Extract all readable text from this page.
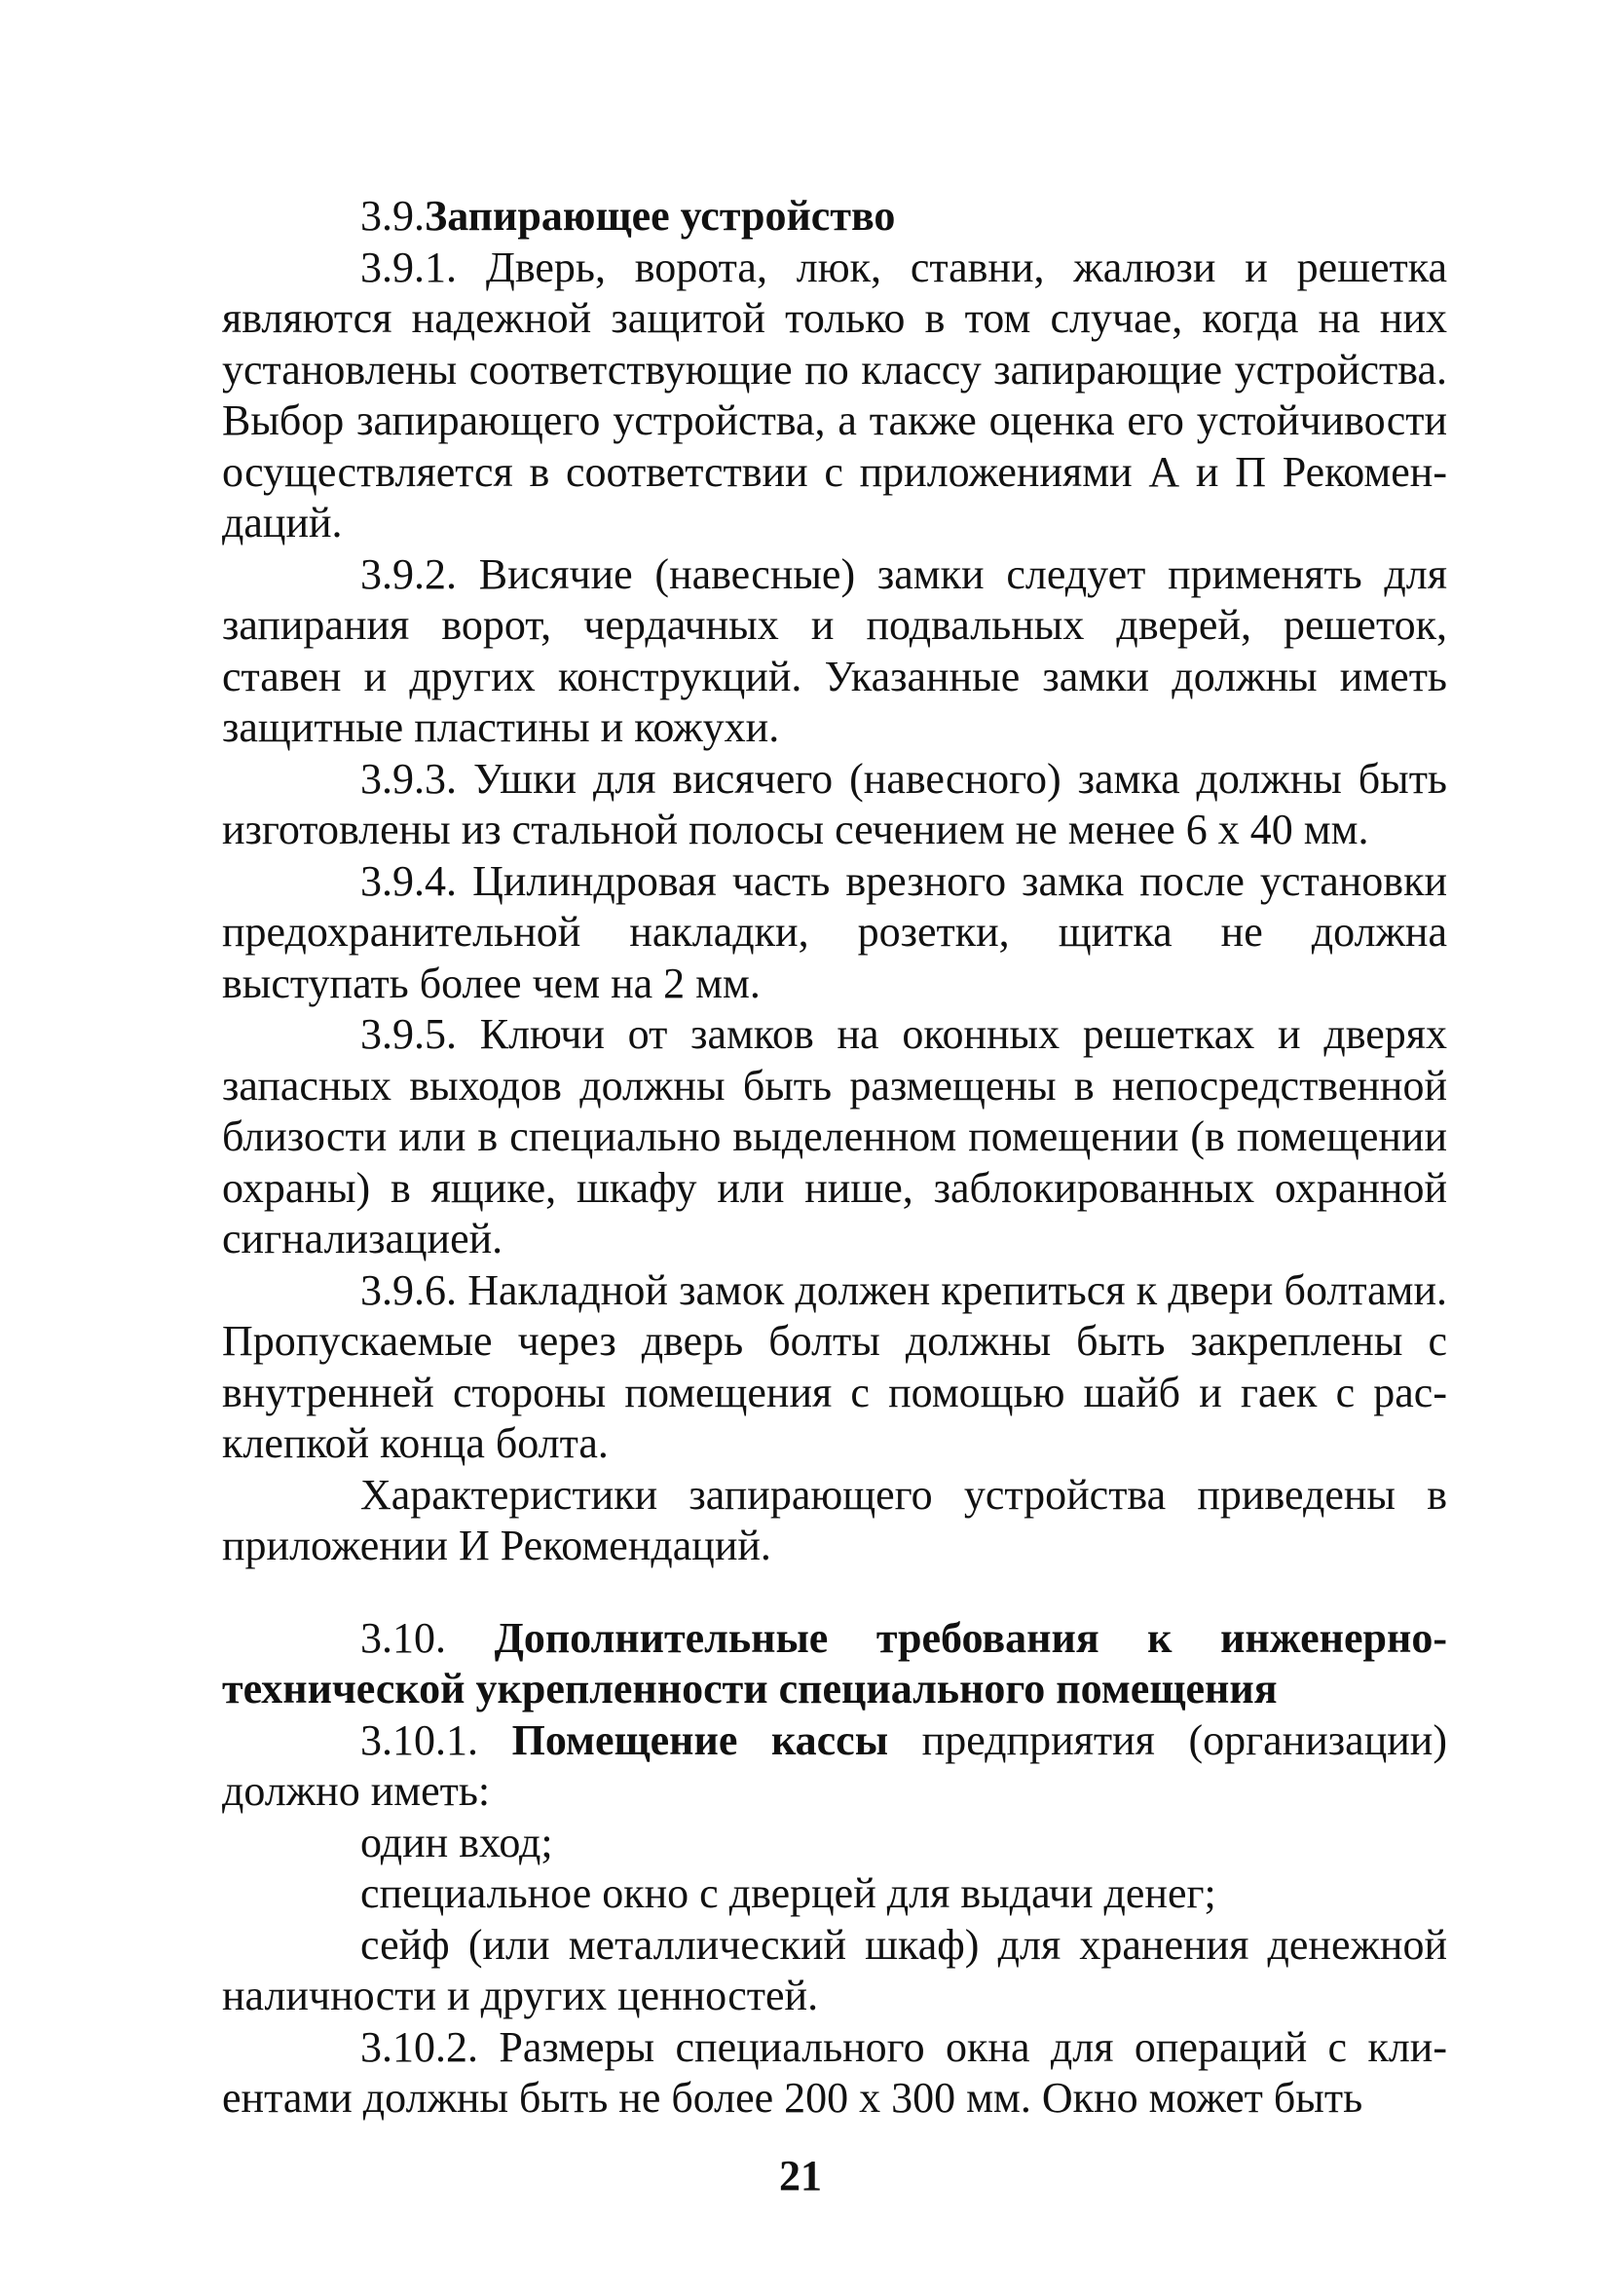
3.9.Запирающее устройство

3.9.1. Дверь, ворота, люк, ставни, жалюзи и решетка являются надежной защитой только в том случае, когда на них установлены соответствующие по классу запирающие устройства. Выбор запирающего устройства, а также оценка его устойчивости осуществляется в соответствии с приложениями А и П Рекомен-даций.

3.9.2. Висячие (навесные) замки следует применять для запирания ворот, чердачных и подвальных дверей, решеток, ставен и других конструкций. Указанные замки должны иметь защитные пластины и кожухи.

3.9.3. Ушки для висячего (навесного) замка должны быть изготовлены из стальной полосы сечением не менее 6 х 40 мм.

3.9.4. Цилиндровая часть врезного замка после установки предохранительной накладки, розетки, щитка не должна выступать более чем на 2 мм.

3.9.5. Ключи от замков на оконных решетках и дверях запасных выходов должны быть размещены в непосредственной близости или в специально выделенном помещении (в помещении охраны) в ящике, шкафу или нише, заблокированных охранной сигнализацией.

3.9.6. Накладной замок должен крепиться к двери болтами. Пропускаемые через дверь болты должны быть закреплены с внутренней стороны помещения с помощью шайб и гаек с рас-клепкой конца болта.

Характеристики запирающего устройства приведены в приложении И Рекомендаций.

3.10. Дополнительные требования к инженерно-технической укрепленности специального помещения

3.10.1. Помещение кассы предприятия (организации) должно иметь:

один вход;

специальное окно с дверцей для выдачи денег;

сейф (или металлический шкаф) для хранения денежной наличности и других ценностей.

3.10.2. Размеры специального окна для операций с кли-ентами должны быть не более 200 х 300 мм. Окно может быть

21
